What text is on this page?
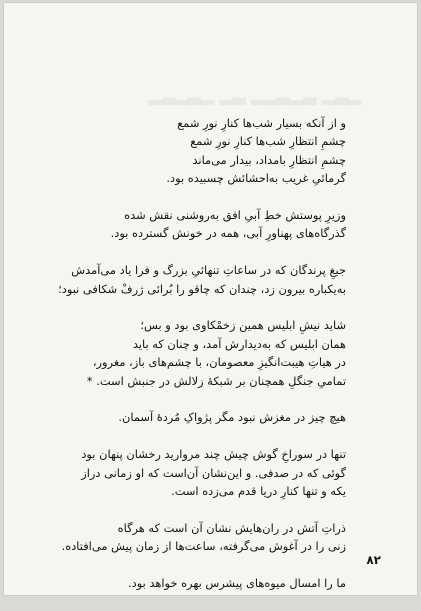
▂▃▂ ▃▂▃▂▂ ▃▂ ▂▃▂▃▂
و از آنکه بسیار شب‌ها کنارِ نورِ شمع
چشمِ انتظارِ شب‌ها کنارِ نورِ شمع
چشمِ انتظارِ بامداد، بیدار می‌ماند
گرمائیِ غریب به‌احشائش چسبیده بود.
وزیرِ پوستش خطِ آبیِ افق به‌روشنی نقش شده
گذرگاه‌های پهناورِ آبی، همه در خونش گسترده بود.
جیغِ پرندگان که در ساعاتِ تنهائیِ بزرگ و فرا یاد می‌آمدش
به‌یکباره بیرون زد، چندان که چاقو را بُرائی ژرفْ شکافی نبود؛
شاید نیشِ ابلیس همین زخمْکاوی بود و بس؛
همان ابلیس که به‌دیدارش آمد، و چنان که باید
در هیاتِ هیبت‌انگیزِ معصومان، با چشم‌های باز، مغرور،
تمامیِ جنگلِ همچنان بر شبکهٔ زلالش در جنبش است. *
هیچ چیز در مغزش نبود مگر پژواکِ مُردهٔ آسمان.
تنها در سوراخِ گوش چیش چند مروارید رخشان پنهان بود
گوئی که در صدفی. و این‌نشان آن‌است که او زمانی دراز
یکه و تنها کنارِ دریا قدم می‌زده است.
ذراتِ آتش در ران‌هایش نشان آن است که هرگاه
زنی را در آغوش می‌گرفته، ساعت‌ها از زمان پیش می‌افتاده.
ما را امسال میوه‌های پیشرس بهره خواهد بود.
۸۲
